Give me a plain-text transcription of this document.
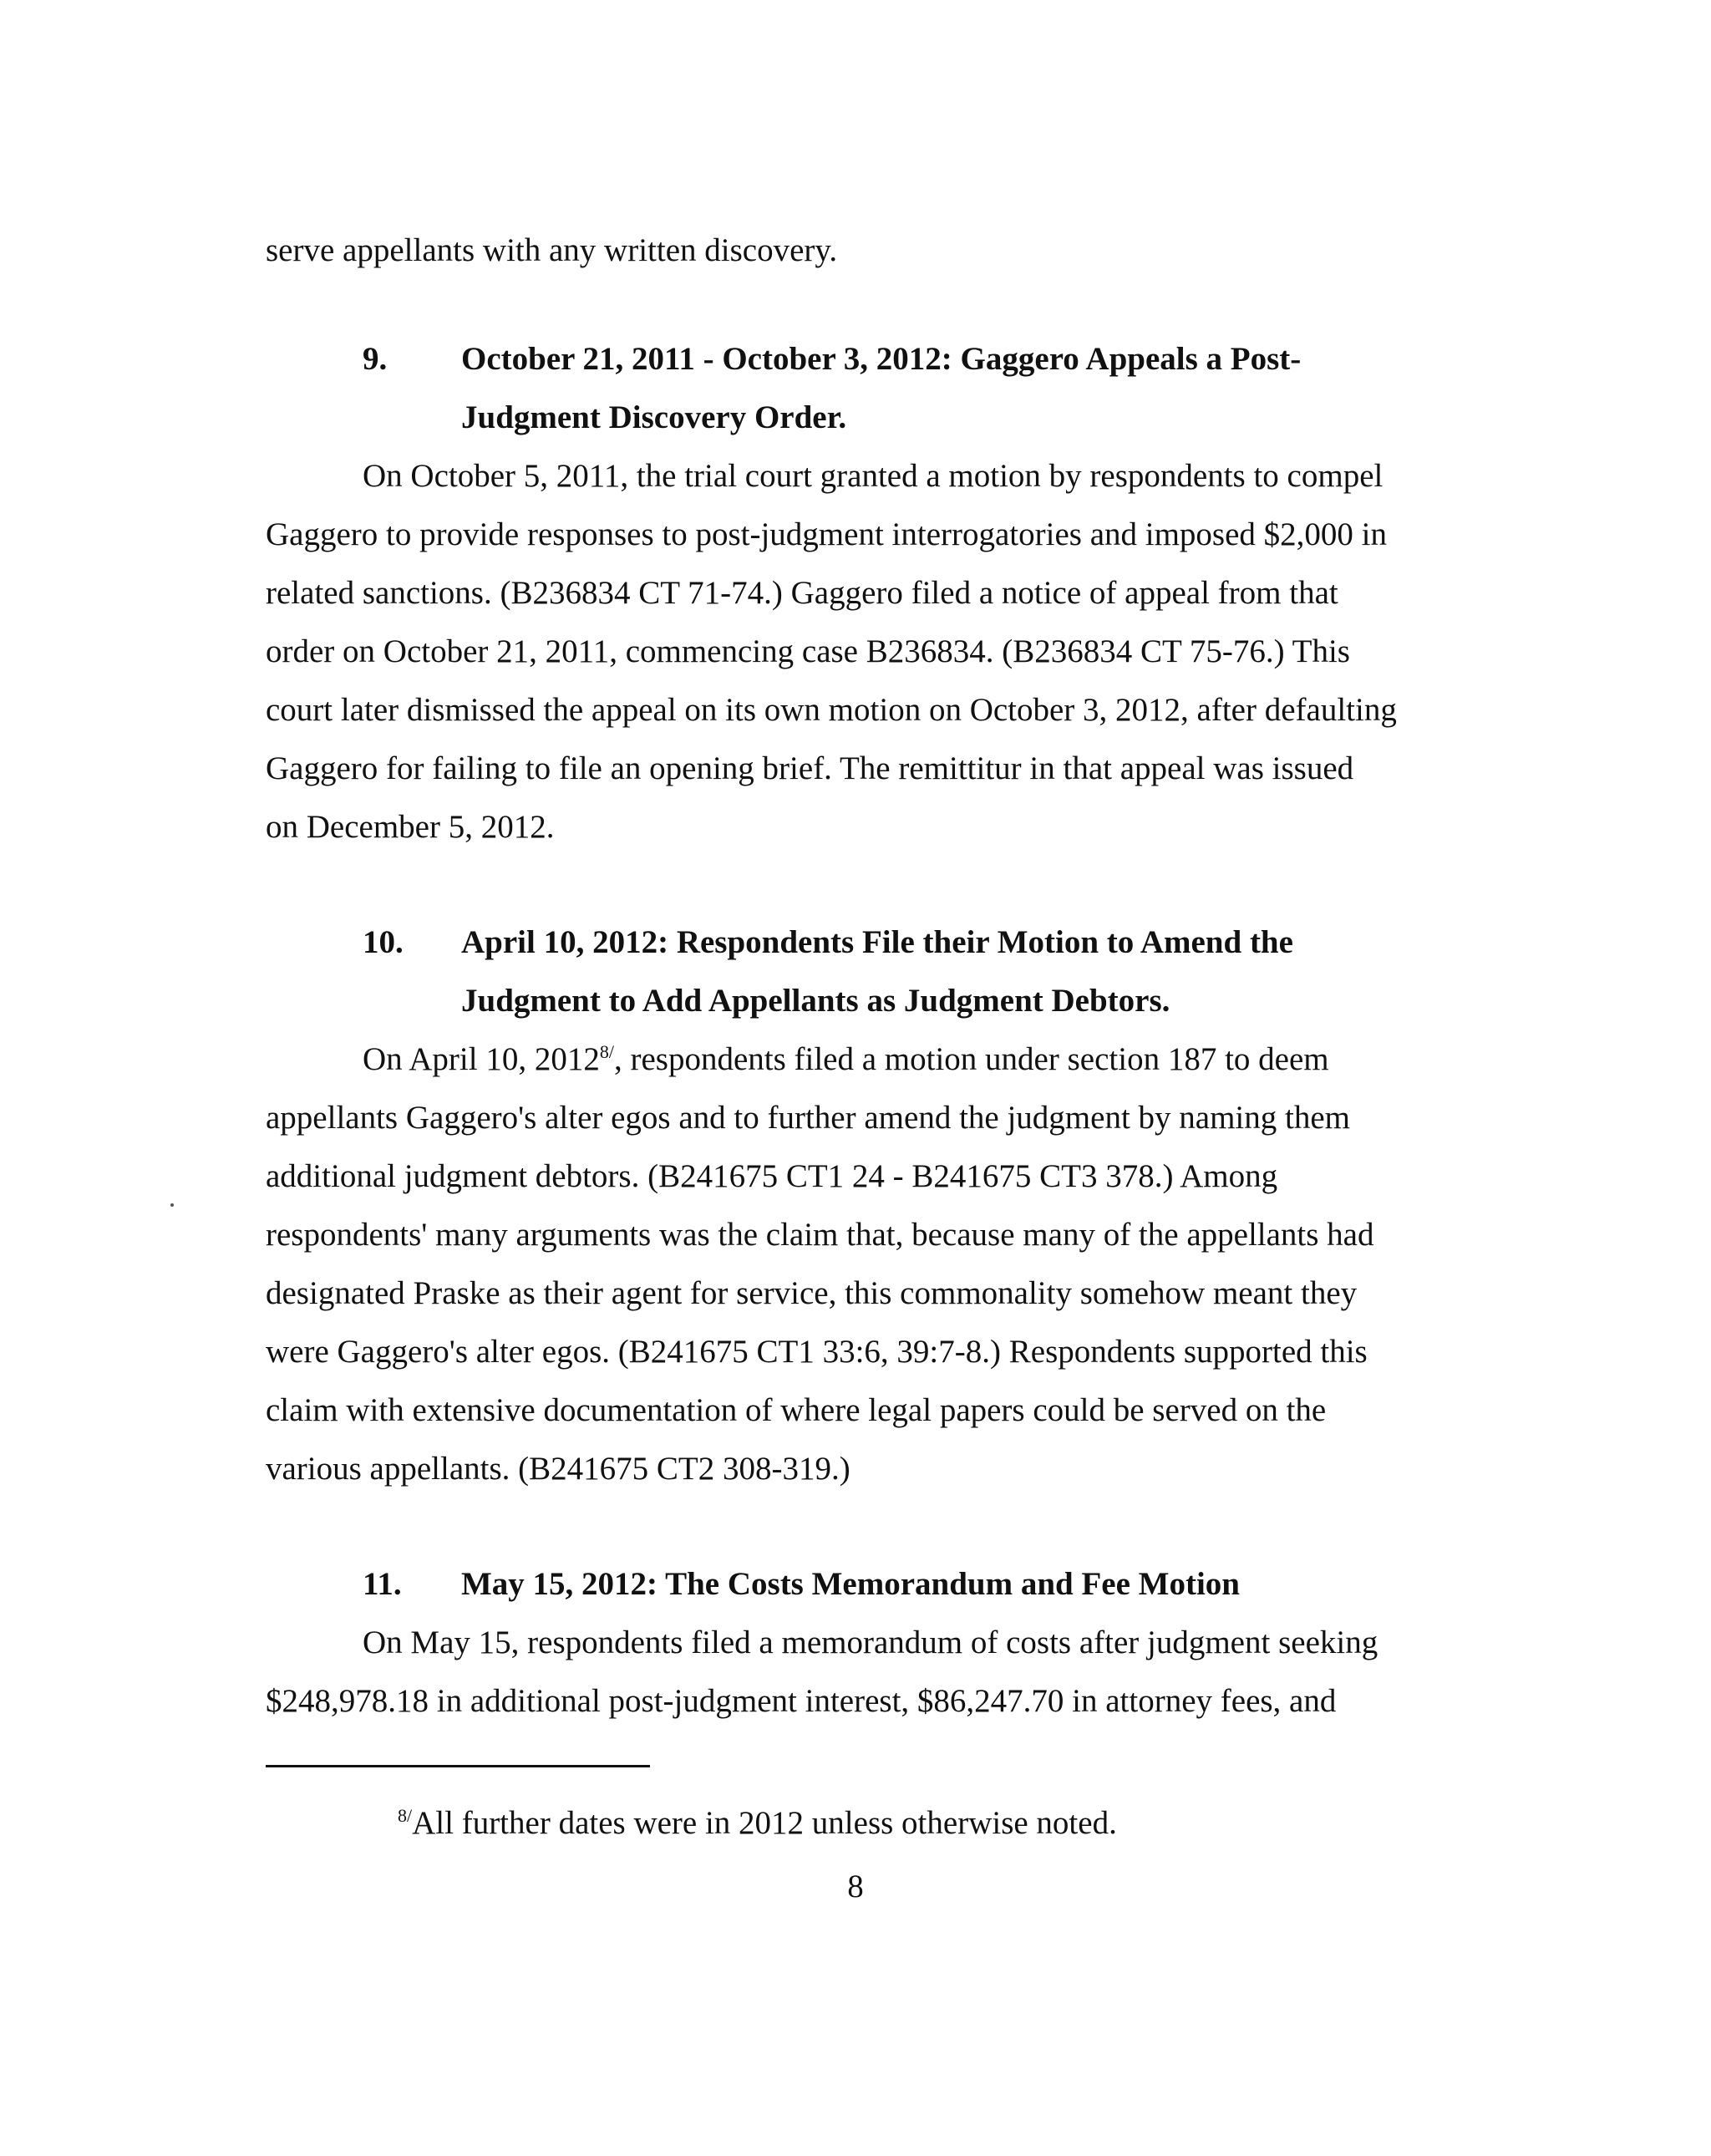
serve appellants with any written discovery.
9. October 21, 2011 - October 3, 2012: Gaggero Appeals a Post-
Judgment Discovery Order.
On October 5, 2011, the trial court granted a motion by respondents to compel
Gaggero to provide responses to post-judgment interrogatories and imposed $2,000 in
related sanctions. (B236834 CT 71-74.) Gaggero filed a notice of appeal from that
order on October 21, 2011, commencing case B236834. (B236834 CT 75-76.) This
court later dismissed the appeal on its own motion on October 3, 2012, after defaulting
Gaggero for failing to file an opening brief. The remittitur in that appeal was issued
on December 5, 2012.
10. April 10, 2012: Respondents File their Motion to Amend the
Judgment to Add Appellants as Judgment Debtors.
On April 10, $2012^{8/}$, respondents filed a motion under section 187 to deem
appellants Gaggero's alter egos and to further amend the judgment by naming them
additional judgment debtors. (B241675 CT1 24 - B241675 CT3 378.) Among
respondents' many arguments was the claim that, because many of the appellants had
designated Praske as their agent for service, this commonality somehow meant they
were Gaggero's alter egos. (B241675 CT1 33:6, 39:7-8.) Respondents supported this
claim with extensive documentation of where legal papers could be served on the
various appellants. (B241675 CT2 308-319.)
11. May 15, 2012: The Costs Memorandum and Fee Motion
On May 15, respondents filed a memorandum of costs after judgment seeking
$248,978.18 in additional post-judgment interest, $86,247.70 in attorney fees, and
$^{8/}$All further dates were in 2012 unless otherwise noted.
8
